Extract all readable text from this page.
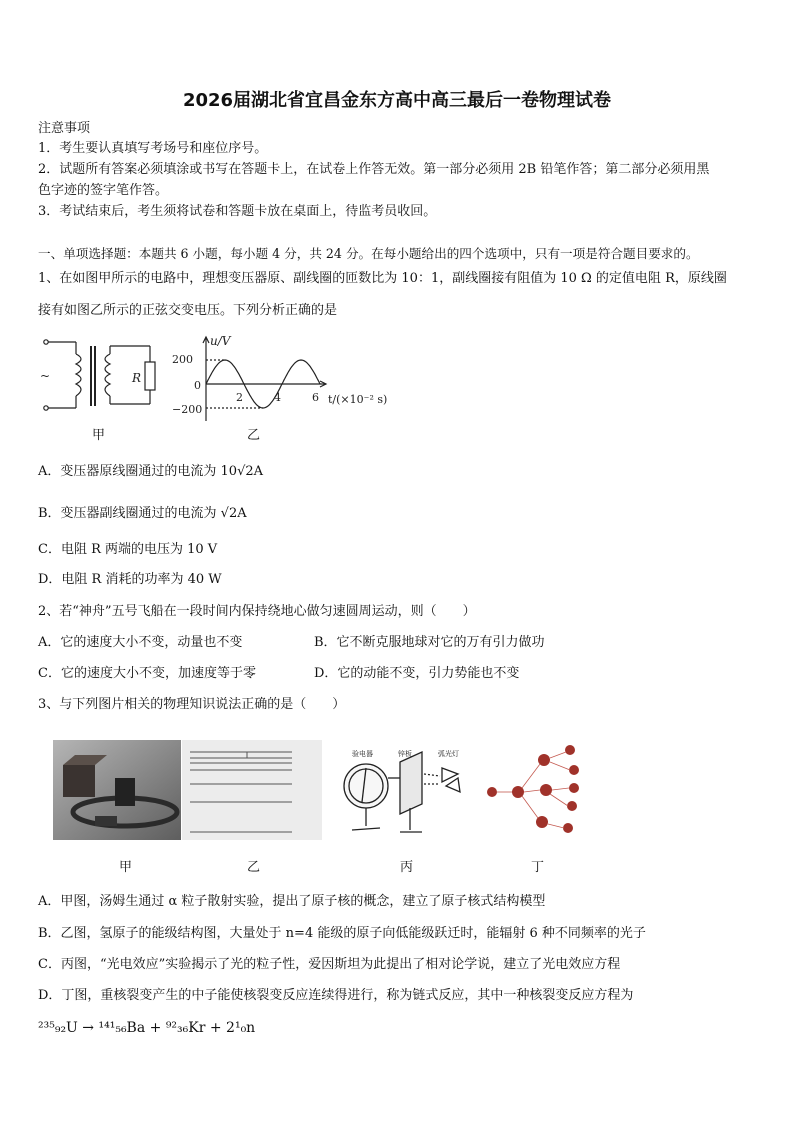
2026届湖北省宜昌金东方高中高三最后一卷物理试卷
注意事项
1．考生要认真填写考场号和座位序号。
2．试题所有答案必须填涂或书写在答题卡上，在试卷上作答无效。第一部分必须用 2B 铅笔作答；第二部分必须用黑
色字迹的签字笔作答。
3．考试结束后，考生须将试卷和答题卡放在桌面上，待监考员收回。
一、单项选择题：本题共 6 小题，每小题 4 分，共 24 分。在每小题给出的四个选项中，只有一项是符合题目要求的。
1、在如图甲所示的电路中，理想变压器原、副线圈的匝数比为 10：1，副线圈接有阻值为 10 Ω 的定值电阻 R，原线圈
接有如图乙所示的正弦交变电压。下列分析正确的是
~	R
甲
u/V
200
0
−200
2	4	6 t/(×10⁻² s)
乙
A．变压器原线圈通过的电流为 10√2A
B．变压器副线圈通过的电流为 √2A
C．电阻 R 两端的电压为 10 V
D．电阻 R 消耗的功率为 40 W
2、若“神舟”五号飞船在一段时间内保持绕地心做匀速圆周运动，则（　　）
A．它的速度大小不变，动量也不变	B．它不断克服地球对它的万有引力做功
C．它的速度大小不变，加速度等于零	D．它的动能不变，引力势能也不变
3、与下列图片相关的物理知识说法正确的是（　　）
验电器	锌板	弧光灯
甲	乙	丙	丁
A．甲图，汤姆生通过 α 粒子散射实验，提出了原子核的概念，建立了原子核式结构模型
B．乙图，氢原子的能级结构图，大量处于 n=4 能级的原子向低能级跃迁时，能辐射 6 种不同频率的光子
C．丙图，“光电效应”实验揭示了光的粒子性，爱因斯坦为此提出了相对论学说，建立了光电效应方程
D．丁图，重核裂变产生的中子能使核裂变反应连续得进行，称为链式反应，其中一种核裂变反应方程为
²³⁵₉₂U → ¹⁴¹₅₆Ba + ⁹²₃₆Kr + 2¹₀n
